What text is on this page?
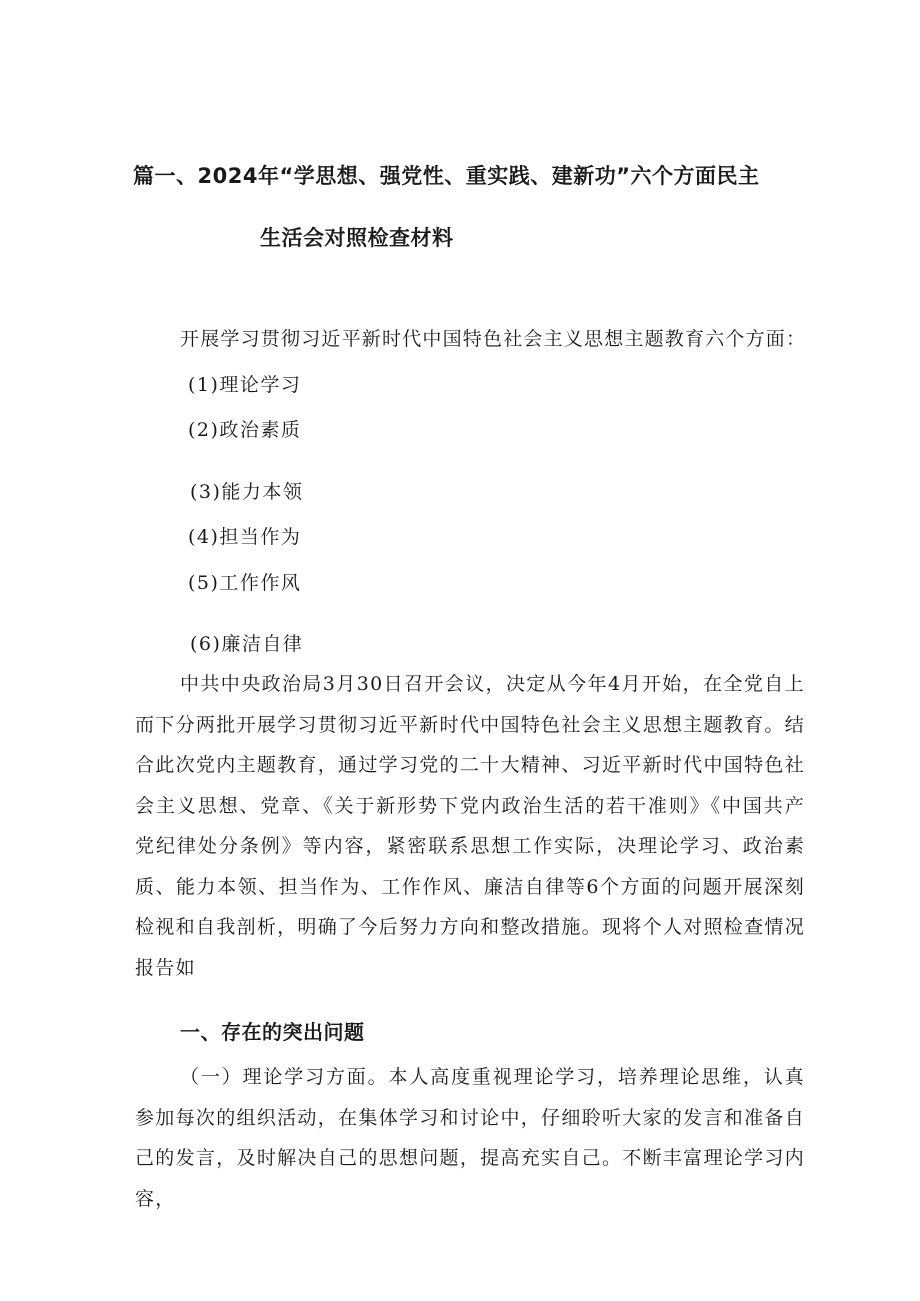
篇一、2024年“学思想、强党性、重实践、建新功”六个方面民主
生活会对照检查材料
开展学习贯彻习近平新时代中国特色社会主义思想主题教育六个方面：
(1)理论学习
(2)政治素质
(3)能力本领
(4)担当作为
(5)工作作风
(6)廉洁自律
中共中央政治局3月30日召开会议，决定从今年4月开始，在全党自上而下分两批开展学习贯彻习近平新时代中国特色社会主义思想主题教育。结合此次党内主题教育，通过学习党的二十大精神、习近平新时代中国特色社会主义思想、党章、《关于新形势下党内政治生活的若干准则》《中国共产党纪律处分条例》等内容，紧密联系思想工作实际，决理论学习、政治素质、能力本领、担当作为、工作作风、廉洁自律等6个方面的问题开展深刻检视和自我剖析，明确了今后努力方向和整改措施。现将个人对照检查情况报告如
一、存在的突出问题
（一）理论学习方面。本人高度重视理论学习，培养理论思维，认真参加每次的组织活动，在集体学习和讨论中，仔细聆听大家的发言和准备自己的发言，及时解决自己的思想问题，提高充实自己。不断丰富理论学习内容，
